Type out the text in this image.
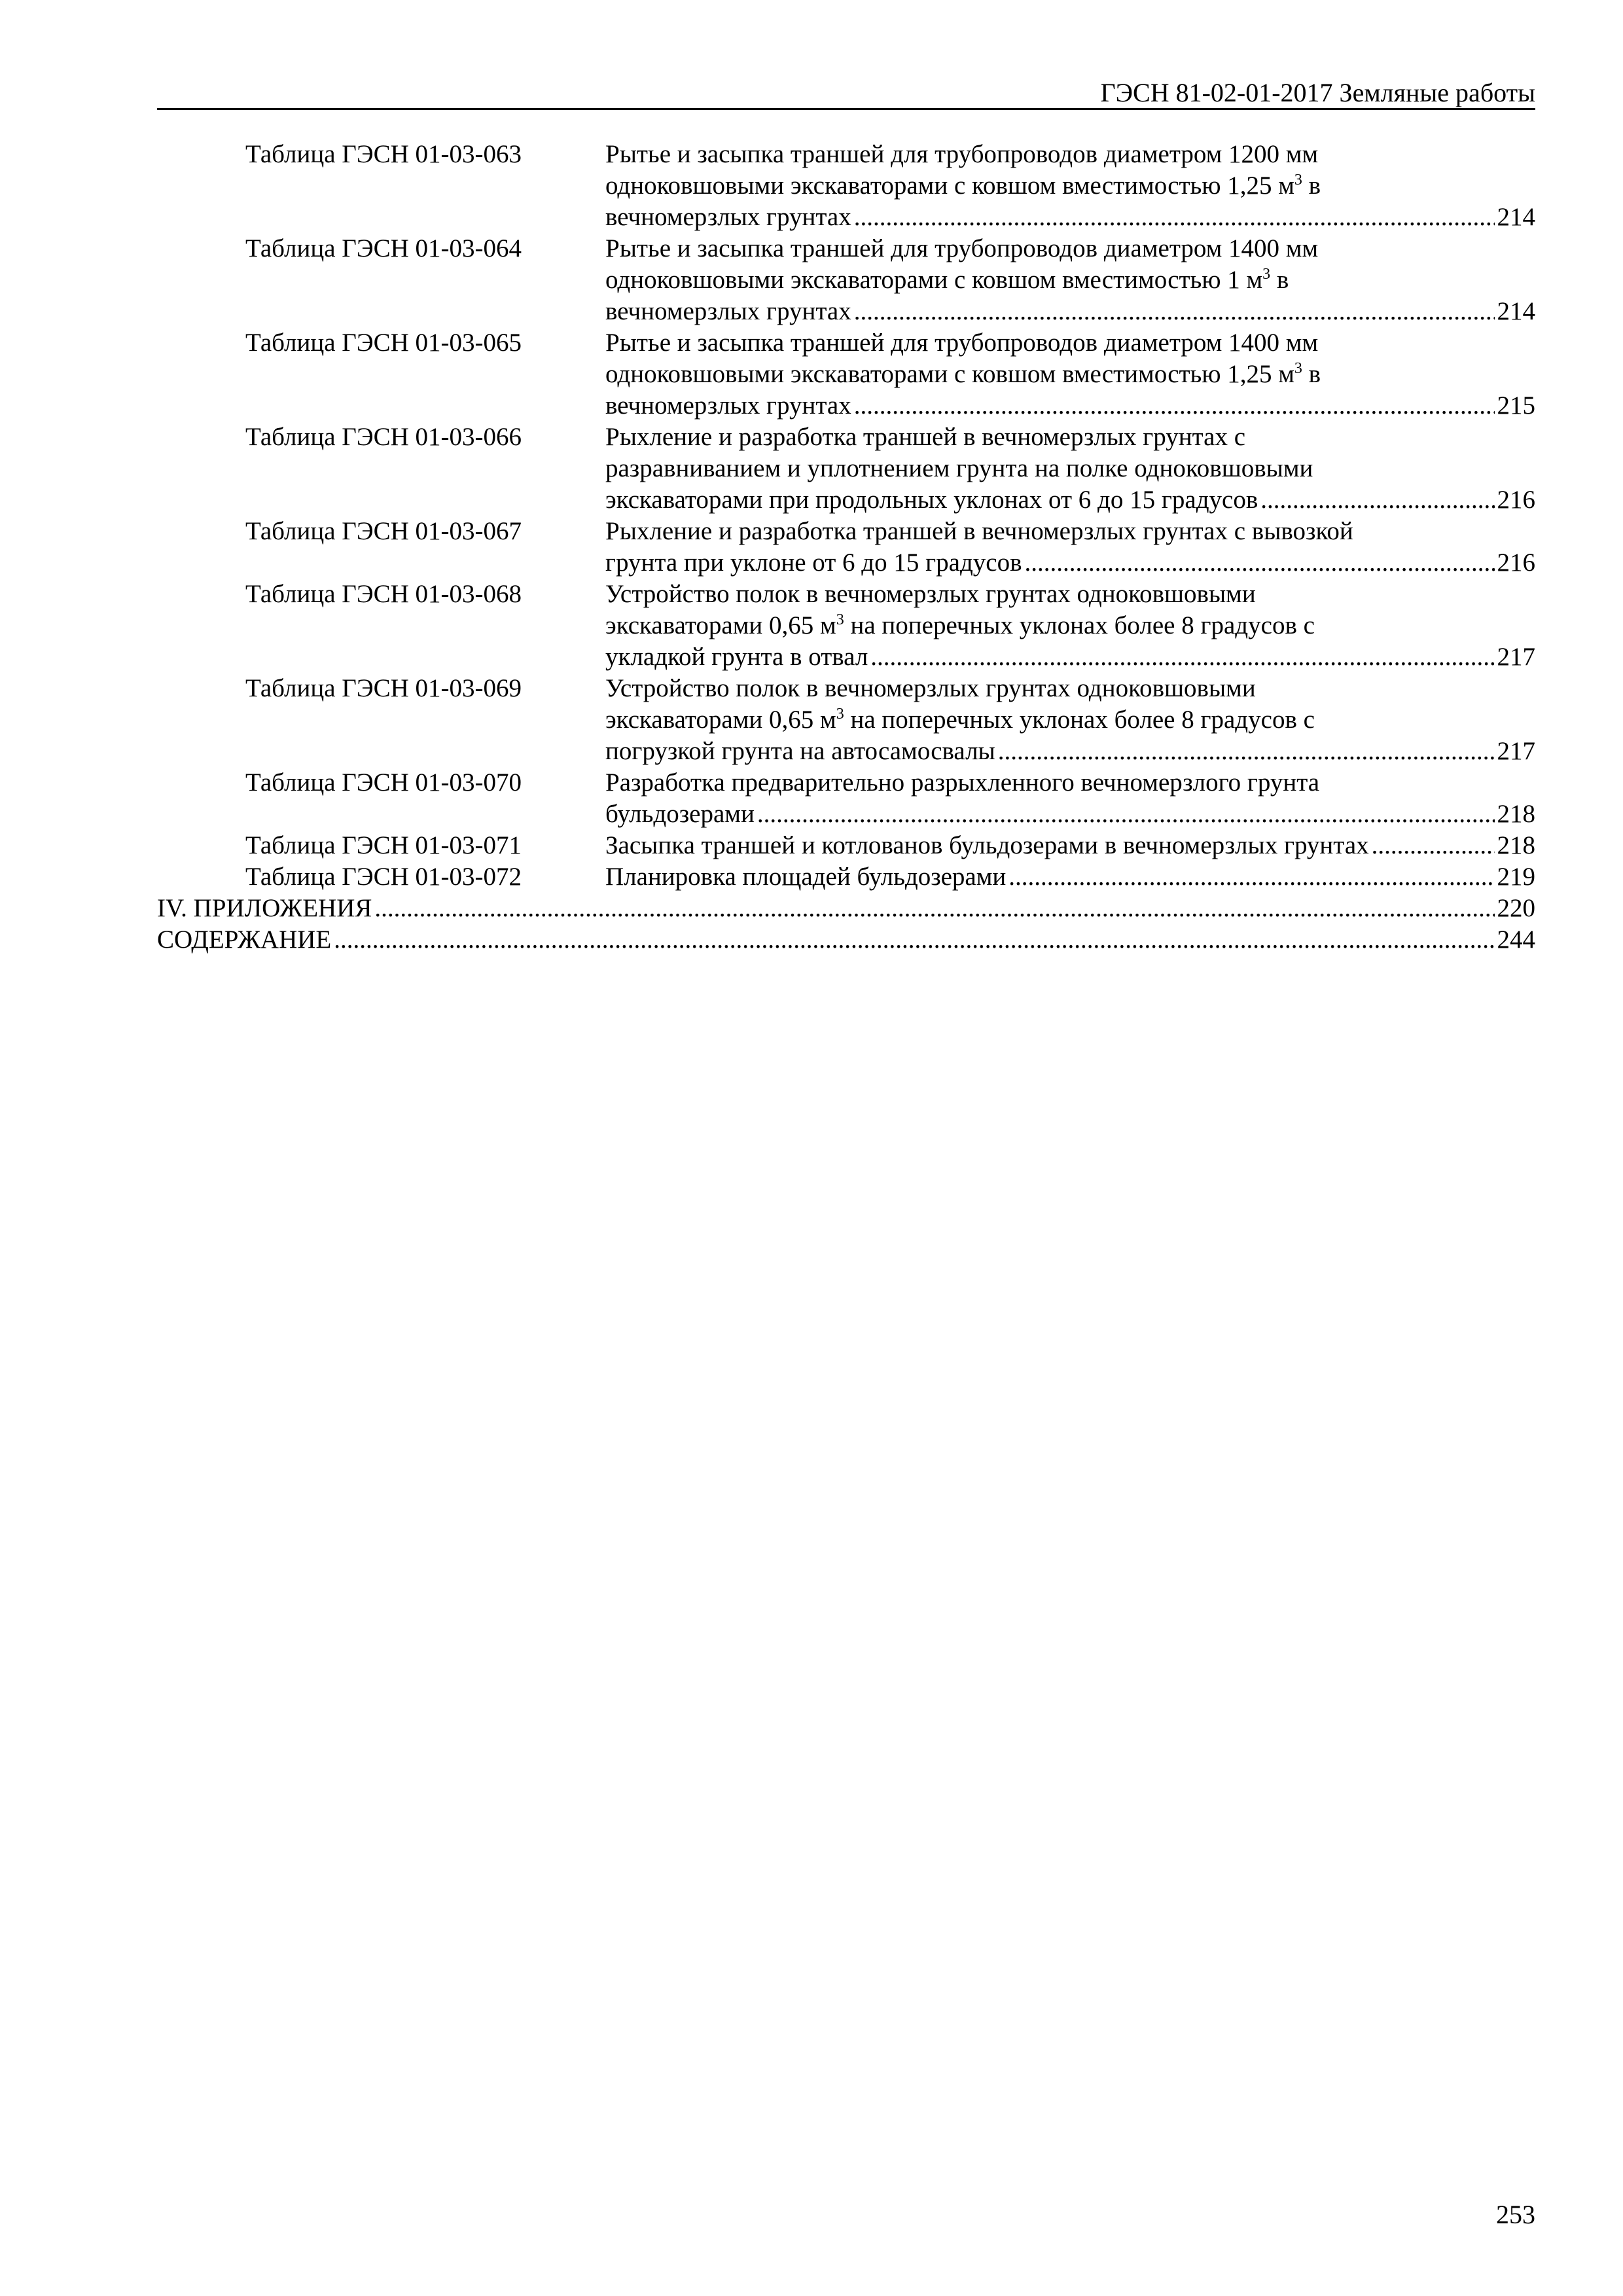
ГЭСН 81-02-01-2017 Земляные работы
Таблица ГЭСН 01-03-063	Рытье и засыпка траншей для трубопроводов диаметром 1200 мм
одноковшовыми экскаваторами с ковшом вместимостью 1,25 $м^3$ в
вечномерзлых грунтах .....	214
Таблица ГЭСН 01-03-064	Рытье и засыпка траншей для трубопроводов диаметром 1400 мм
одноковшовыми экскаваторами с ковшом вместимостью 1 $м^3$ в
вечномерзлых грунтах .....	214
Таблица ГЭСН 01-03-065	Рытье и засыпка траншей для трубопроводов диаметром 1400 мм
одноковшовыми экскаваторами с ковшом вместимостью 1,25 $м^3$ в
вечномерзлых грунтах .....	215
Таблица ГЭСН 01-03-066	Рыхление и разработка траншей в вечномерзлых грунтах с
разравниванием и уплотнением грунта на полке одноковшовыми
экскаваторами при продольных уклонах от 6 до 15 градусов .....	216
Таблица ГЭСН 01-03-067	Рыхление и разработка траншей в вечномерзлых грунтах с вывозкой
грунта при уклоне от 6 до 15 градусов .....	216
Таблица ГЭСН 01-03-068	Устройство полок в вечномерзлых грунтах одноковшовыми
экскаваторами 0,65 $м^3$ на поперечных уклонах более 8 градусов с
укладкой грунта в отвал .....	217
Таблица ГЭСН 01-03-069	Устройство полок в вечномерзлых грунтах одноковшовыми
экскаваторами 0,65 $м^3$ на поперечных уклонах более 8 градусов с
погрузкой грунта на автосамосвалы .....	217
Таблица ГЭСН 01-03-070	Разработка предварительно разрыхленного вечномерзлого грунта
бульдозерами .....	218
Таблица ГЭСН 01-03-071	Засыпка траншей и котлованов бульдозерами в вечномерзлых грунтах .....	218
Таблица ГЭСН 01-03-072	Планировка площадей бульдозерами .....	219
IV. ПРИЛОЖЕНИЯ .....	220
СОДЕРЖАНИЕ .....	244
253
